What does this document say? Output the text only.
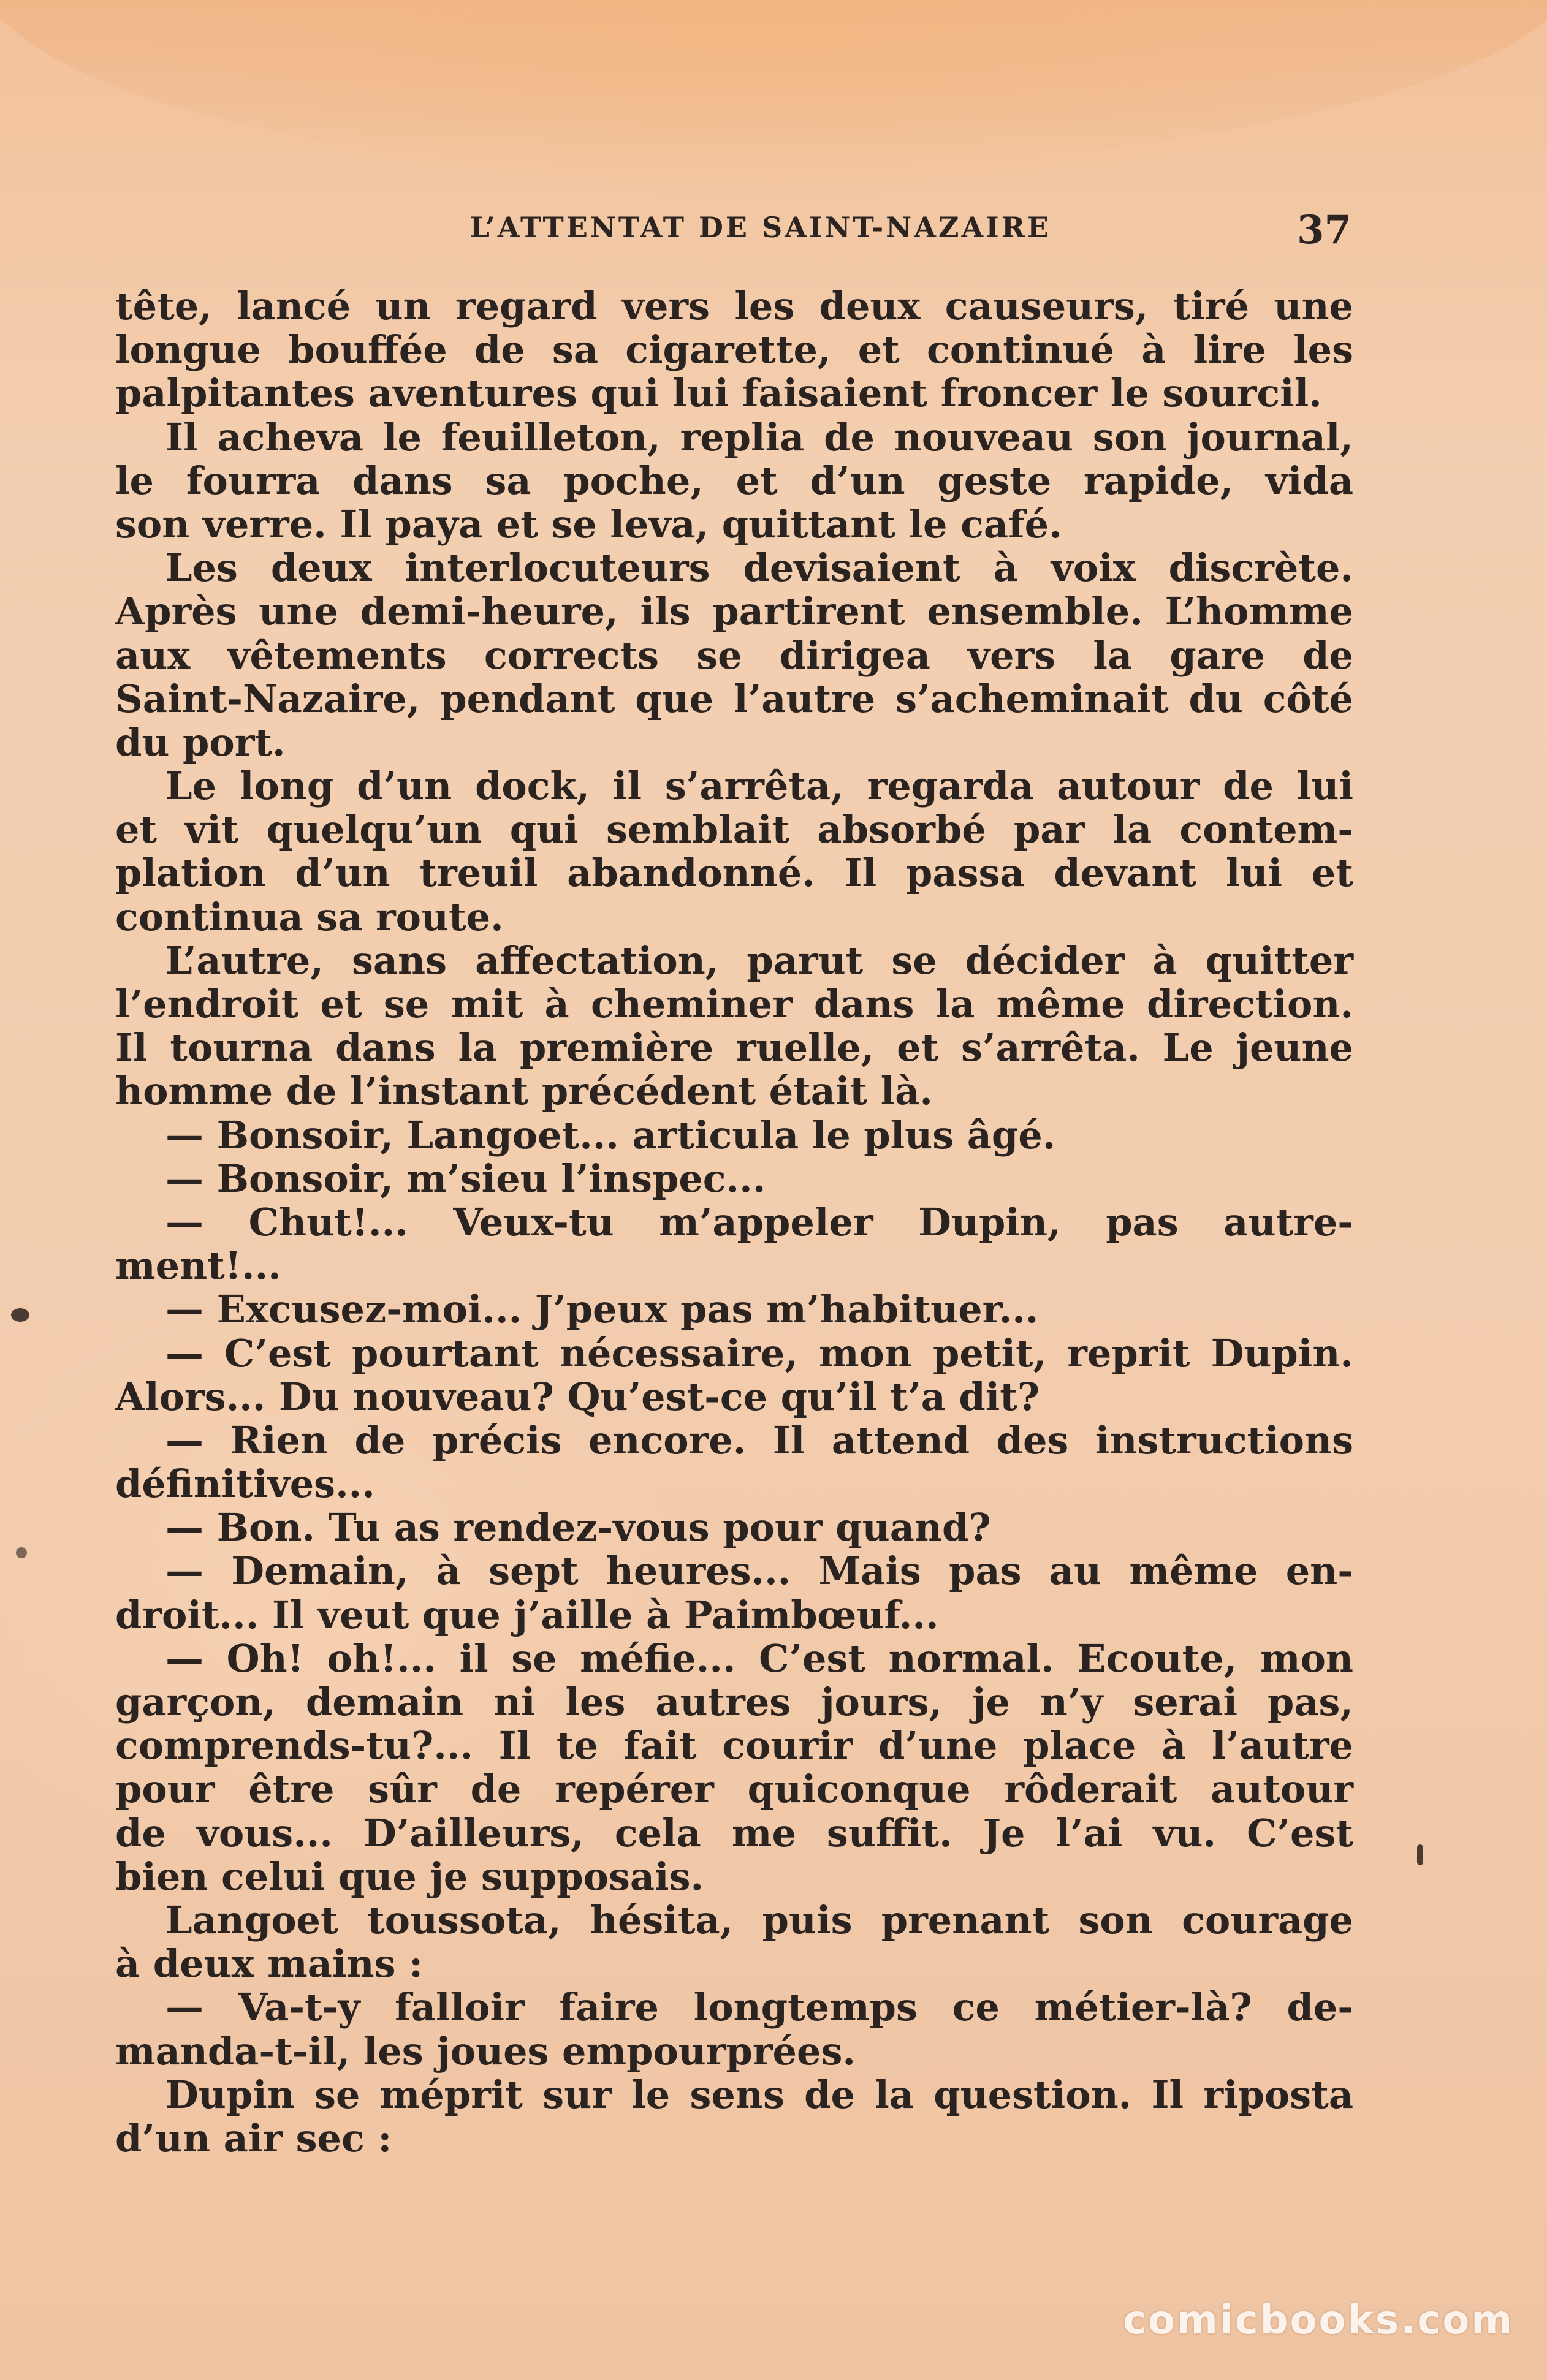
L’ATTENTAT DE SAINT-NAZAIRE	37
tête, lancé un regard vers les deux causeurs, tiré une
longue bouffée de sa cigarette, et continué à lire les
palpitantes aventures qui lui faisaient froncer le sourcil.
Il acheva le feuilleton, replia de nouveau son journal,
le fourra dans sa poche, et d’un geste rapide, vida
son verre. Il paya et se leva, quittant le café.
Les deux interlocuteurs devisaient à voix discrète.
Après une demi-heure, ils partirent ensemble. L’homme
aux vêtements corrects se dirigea vers la gare de
Saint-Nazaire, pendant que l’autre s’acheminait du côté
du port.
Le long d’un dock, il s’arrêta, regarda autour de lui
et vit quelqu’un qui semblait absorbé par la contem-
plation d’un treuil abandonné. Il passa devant lui et
continua sa route.
L’autre, sans affectation, parut se décider à quitter
l’endroit et se mit à cheminer dans la même direction.
Il tourna dans la première ruelle, et s’arrêta. Le jeune
homme de l’instant précédent était là.
— Bonsoir, Langoet... articula le plus âgé.
— Bonsoir, m’sieu l’inspec...
— Chut!... Veux-tu m’appeler Dupin, pas autre-
ment!...
— Excusez-moi... J’peux pas m’habituer...
— C’est pourtant nécessaire, mon petit, reprit Dupin.
Alors... Du nouveau? Qu’est-ce qu’il t’a dit?
— Rien de précis encore. Il attend des instructions
définitives...
— Bon. Tu as rendez-vous pour quand?
— Demain, à sept heures... Mais pas au même en-
droit... Il veut que j’aille à Paimbœuf...
— Oh! oh!... il se méfie... C’est normal. Ecoute, mon
garçon, demain ni les autres jours, je n’y serai pas,
comprends-tu?... Il te fait courir d’une place à l’autre
pour être sûr de repérer quiconque rôderait autour
de vous... D’ailleurs, cela me suffit. Je l’ai vu. C’est
bien celui que je supposais.
Langoet toussota, hésita, puis prenant son courage
à deux mains :
— Va-t-y falloir faire longtemps ce métier-là? de-
manda-t-il, les joues empourprées.
Dupin se méprit sur le sens de la question. Il riposta
d’un air sec :
comicbooks.com
